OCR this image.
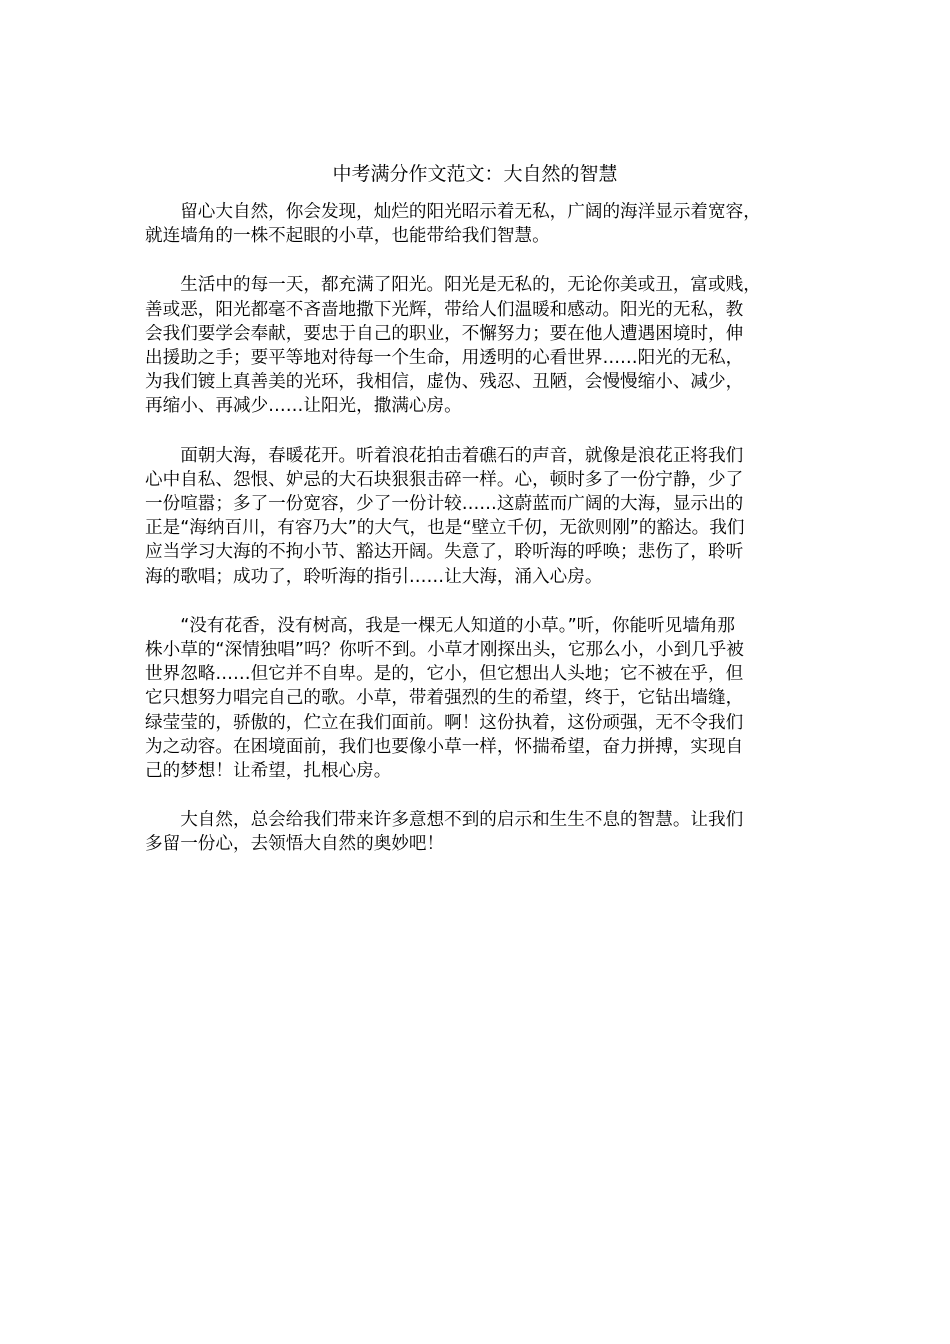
中考满分作文范文：大自然的智慧

　　留心大自然，你会发现，灿烂的阳光昭示着无私，广阔的海洋显示着宽容，
就连墙角的一株不起眼的小草，也能带给我们智慧。

　　生活中的每一天，都充满了阳光。阳光是无私的，无论你美或丑，富或贱，
善或恶，阳光都毫不吝啬地撒下光辉，带给人们温暖和感动。阳光的无私，教
会我们要学会奉献，要忠于自己的职业，不懈努力；要在他人遭遇困境时，伸
出援助之手；要平等地对待每一个生命，用透明的心看世界……阳光的无私，
为我们镀上真善美的光环，我相信，虚伪、残忍、丑陋，会慢慢缩小、减少，
再缩小、再减少……让阳光，撒满心房。

　　面朝大海，春暖花开。听着浪花拍击着礁石的声音，就像是浪花正将我们
心中自私、怨恨、妒忌的大石块狠狠击碎一样。心，顿时多了一份宁静，少了
一份喧嚣；多了一份宽容，少了一份计较……这蔚蓝而广阔的大海，显示出的
正是“海纳百川，有容乃大”的大气，也是“壁立千仞，无欲则刚”的豁达。我们
应当学习大海的不拘小节、豁达开阔。失意了，聆听海的呼唤；悲伤了，聆听
海的歌唱；成功了，聆听海的指引……让大海，涌入心房。

　　“没有花香，没有树高，我是一棵无人知道的小草。”听，你能听见墙角那
株小草的“深情独唱”吗？你听不到。小草才刚探出头，它那么小，小到几乎被
世界忽略……但它并不自卑。是的，它小，但它想出人头地；它不被在乎，但
它只想努力唱完自己的歌。小草，带着强烈的生的希望，终于，它钻出墙缝，
绿莹莹的，骄傲的，伫立在我们面前。啊！这份执着，这份顽强，无不令我们
为之动容。在困境面前，我们也要像小草一样，怀揣希望，奋力拼搏，实现自
己的梦想！让希望，扎根心房。

　　大自然，总会给我们带来许多意想不到的启示和生生不息的智慧。让我们
多留一份心，去领悟大自然的奥妙吧！
